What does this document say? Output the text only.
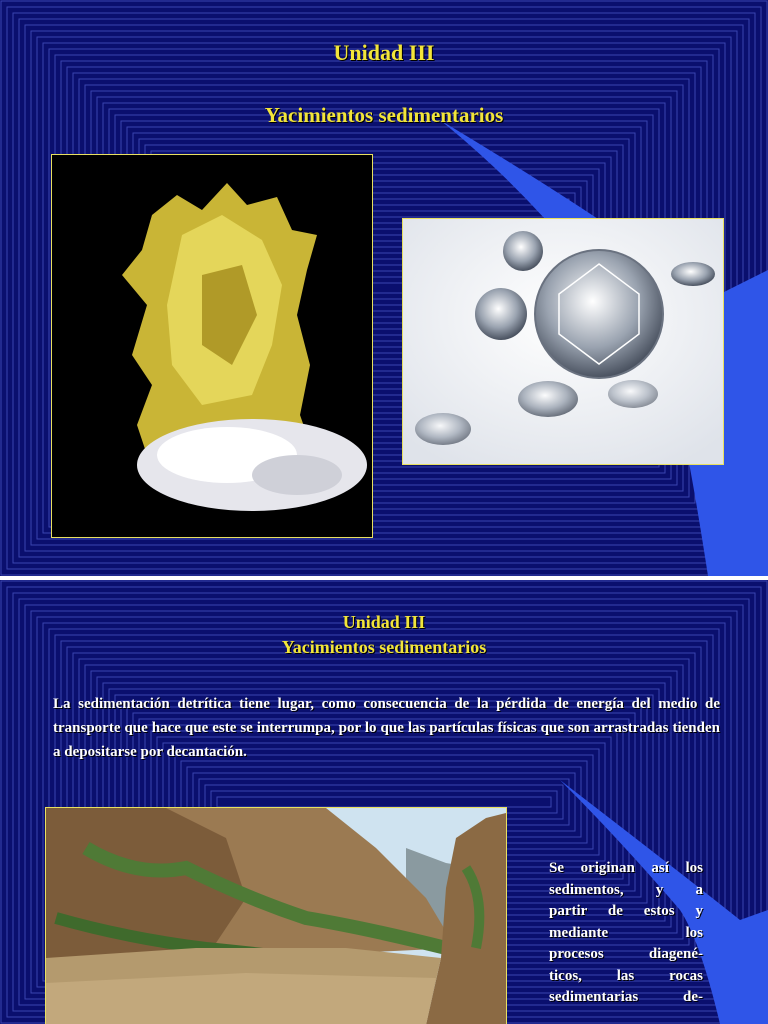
Unidad III
Yacimientos sedimentarios
Unidad III
Yacimientos sedimentarios
La sedimentación detrítica tiene lugar, como consecuencia de la pérdida de energía del medio de transporte que hace que este se interrumpa, por lo que las partículas físicas que son arrastradas tienden a depositarse por decantación.
Se originan así los
sedimentos, y a
partir de estos y
mediante los
procesos diagené-
ticos, las rocas
sedimentarias de-
